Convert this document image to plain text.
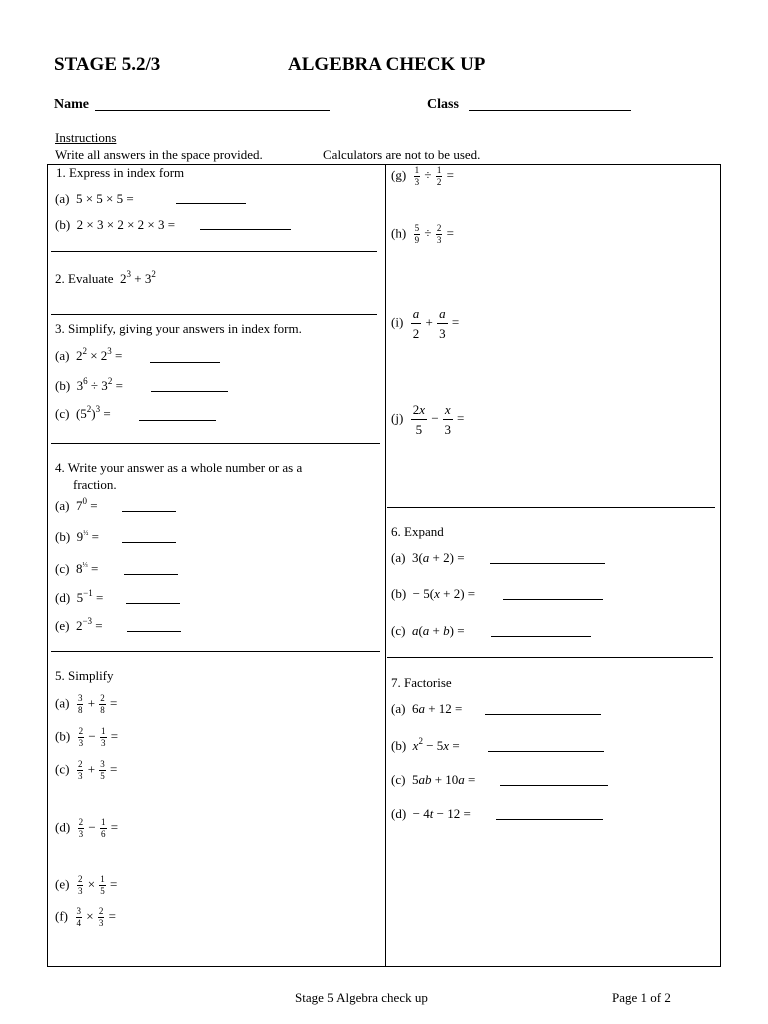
STAGE 5.2/3	ALGEBRA CHECK UP
Name	Class
Instructions
Write all answers in the space provided.	Calculators are not to be used.
1. Express in index form
(a)  5 × 5 × 5 =
(b)  2 × 3 × 2 × 2 × 3 =
2. Evaluate  $2^3 + 3^2$
3. Simplify, giving your answers in index form.
(a)  $2^2 \times 2^3$ =
(b)  $3^6 \div 3^2$ =
(c)  $(5^2)^3$ =
4. Write your answer as a whole number or as a
fraction.
(a)  $7^0$ =
(b)  $9^{\frac{1}{2}}$ =
(c)  $8^{\frac{1}{3}}$ =
(d)  $5^{-1}$ =
(e)  $2^{-3}$ =
5. Simplify
$(a) \frac{3}{8} + \frac{2}{8}$ =
$(b) \frac{2}{3} - \frac{1}{3}$ =
$(c) \frac{2}{3} + \frac{3}{5}$ =
$(d) \frac{2}{3} - \frac{1}{6}$ =
$(e) \frac{2}{3} \times \frac{1}{5}$ =
$(f) \frac{3}{4} \times \frac{2}{3}$ =
$(g) \frac{1}{3} \div \frac{1}{2}$ =
$(h) \frac{5}{9} \div \frac{2}{3}$ =
$(i) \frac{a}{2} + \frac{a}{3}$ =
$(j) \frac{2x}{5} - \frac{x}{3}$ =
6. Expand
(a)  3(a + 2) =
(b)  − 5(x + 2) =
(c) a(a + b) =
7. Factorise
(a)  6a + 12 =
(b) $x^2 - 5x$ =
(c)  5ab + 10a =
(d)  − 4t − 12 =
Stage 5 Algebra check up	Page 1 of 2
